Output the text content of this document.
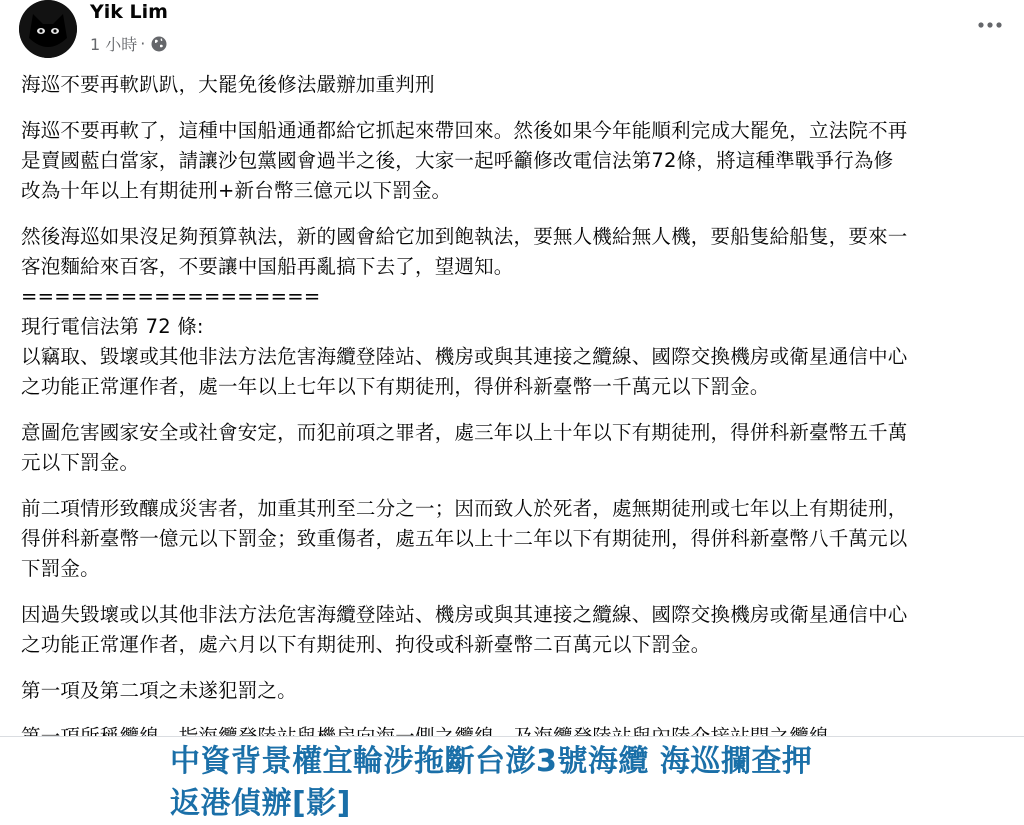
Yik Lim
1 小時 ·

海巡不要再軟趴趴，大罷免後修法嚴辦加重判刑

海巡不要再軟了，這種中国船通通都給它抓起來帶回來。然後如果今年能順利完成大罷免，立法院不再

是賣國藍白當家，請讓沙包黨國會過半之後，大家一起呼籲修改電信法第72條，將這種準戰爭行為修

改為十年以上有期徒刑+新台幣三億元以下罰金。

然後海巡如果沒足夠預算執法，新的國會給它加到飽執法，要無人機給無人機，要船隻給船隻，要來一

客泡麵給來百客，不要讓中国船再亂搞下去了，望週知。

==================

現行電信法第 72 條:

以竊取、毀壞或其他非法方法危害海纜登陸站、機房或與其連接之纜線、國際交換機房或衛星通信中心

之功能正常運作者，處一年以上七年以下有期徒刑，得併科新臺幣一千萬元以下罰金。

意圖危害國家安全或社會安定，而犯前項之罪者，處三年以上十年以下有期徒刑，得併科新臺幣五千萬

元以下罰金。

前二項情形致釀成災害者，加重其刑至二分之一；因而致人於死者，處無期徒刑或七年以上有期徒刑，

得併科新臺幣一億元以下罰金；致重傷者，處五年以上十二年以下有期徒刑，得併科新臺幣八千萬元以

下罰金。

因過失毀壞或以其他非法方法危害海纜登陸站、機房或與其連接之纜線、國際交換機房或衛星通信中心

之功能正常運作者，處六月以下有期徒刑、拘役或科新臺幣二百萬元以下罰金。

第一項及第二項之未遂犯罰之。

中資背景權宜輪涉拖斷台澎3號海纜 海巡攔查押
返港偵辦[影]
